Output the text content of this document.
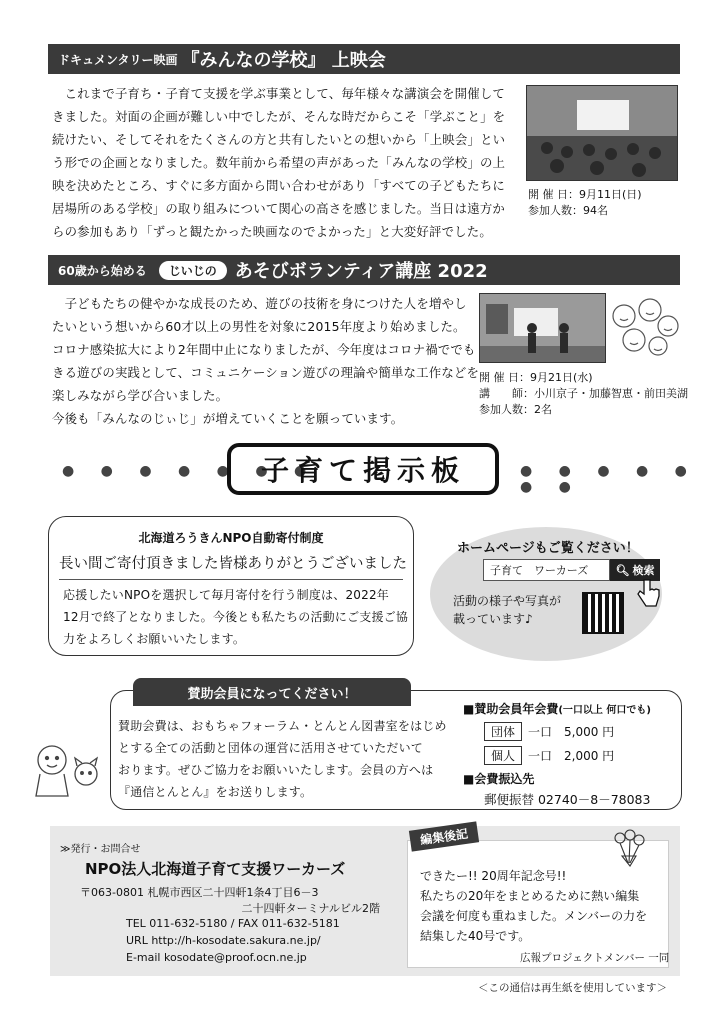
ドキュメンタリー映画 『みんなの学校』 上映会
　これまで子育ち・子育て支援を学ぶ事業として、毎年様々な講演会を開催して
きました。対面の企画が難しい中でしたが、そんな時だからこそ「学ぶこと」を
続けたい、そしてそれをたくさんの方と共有したいとの想いから「上映会」とい
う形での企画となりました。数年前から希望の声があった「みんなの学校」の上
映を決めたところ、すぐに多方面から問い合わせがあり「すべての子どもたちに
居場所のある学校」の取り組みについて関心の高さを感じました。当日は遠方か
らの参加もあり「ずっと観たかった映画なのでよかった」と大変好評でした。
開 催 日：9月11日(日)
参加人数：94名
60歳から始める	じいじの	あそびボランティア講座 2022
　子どもたちの健やかな成長のため、遊びの技術を身につけた人を増やし
たいという想いから60才以上の男性を対象に2015年度より始めました。
コロナ感染拡大により2年間中止になりましたが、今年度はコロナ禍ででも
きる遊びの実践として、コミュニケーション遊びの理論や簡単な工作などを
楽しみながら学び合いました。
今後も「みんなのじぃじ」が増えていくことを願っています。
開 催 日：9月21日(水)
講　　師：小川京子・加藤智恵・前田美湖
参加人数：2名
● ● ● ● ● ● ●	● ● ● ● ● ● ●
子育て掲示板
北海道ろうきんNPO自動寄付制度
長い間ご寄付頂きました皆様ありがとうございました
応援したいNPOを選択して毎月寄付を行う制度は、2022年
12月で終了となりました。今後とも私たちの活動にご支援ご協
力をよろしくお願いいたします。
ホームページもご覧ください！
子育て　ワーカーズ 🔍︎ 検索
活動の様子や写真が
載っています♪
賛助会員になってください！
賛助会費は、おもちゃフォーラム・とんとん図書室をはじめ
とする全ての活動と団体の運営に活用させていただいて
おります。ぜひご協力をお願いいたします。会員の方へは
『通信とんとん』をお送りします。
■賛助会員年会費(一口以上 何口でも)
団体 一口　5,000 円
個人 一口　2,000 円
■会費振込先
郵便振替 02740－8－78083
≫発行・お問合せ
NPO法人北海道子育て支援ワーカーズ
〒063-0801 札幌市西区二十四軒1条4丁目6－3
二十四軒ターミナルビル2階
TEL 011-632-5180 / FAX 011-632-5181
URL http://h-kosodate.sakura.ne.jp/
E-mail kosodate@proof.ocn.ne.jp
編集後記
できたー!! 20周年記念号!!
私たちの20年をまとめるために熱い編集
会議を何度も重ねました。メンバーの力を
結集した40号です。
広報プロジェクトメンバー 一同
＜この通信は再生紙を使用しています＞
